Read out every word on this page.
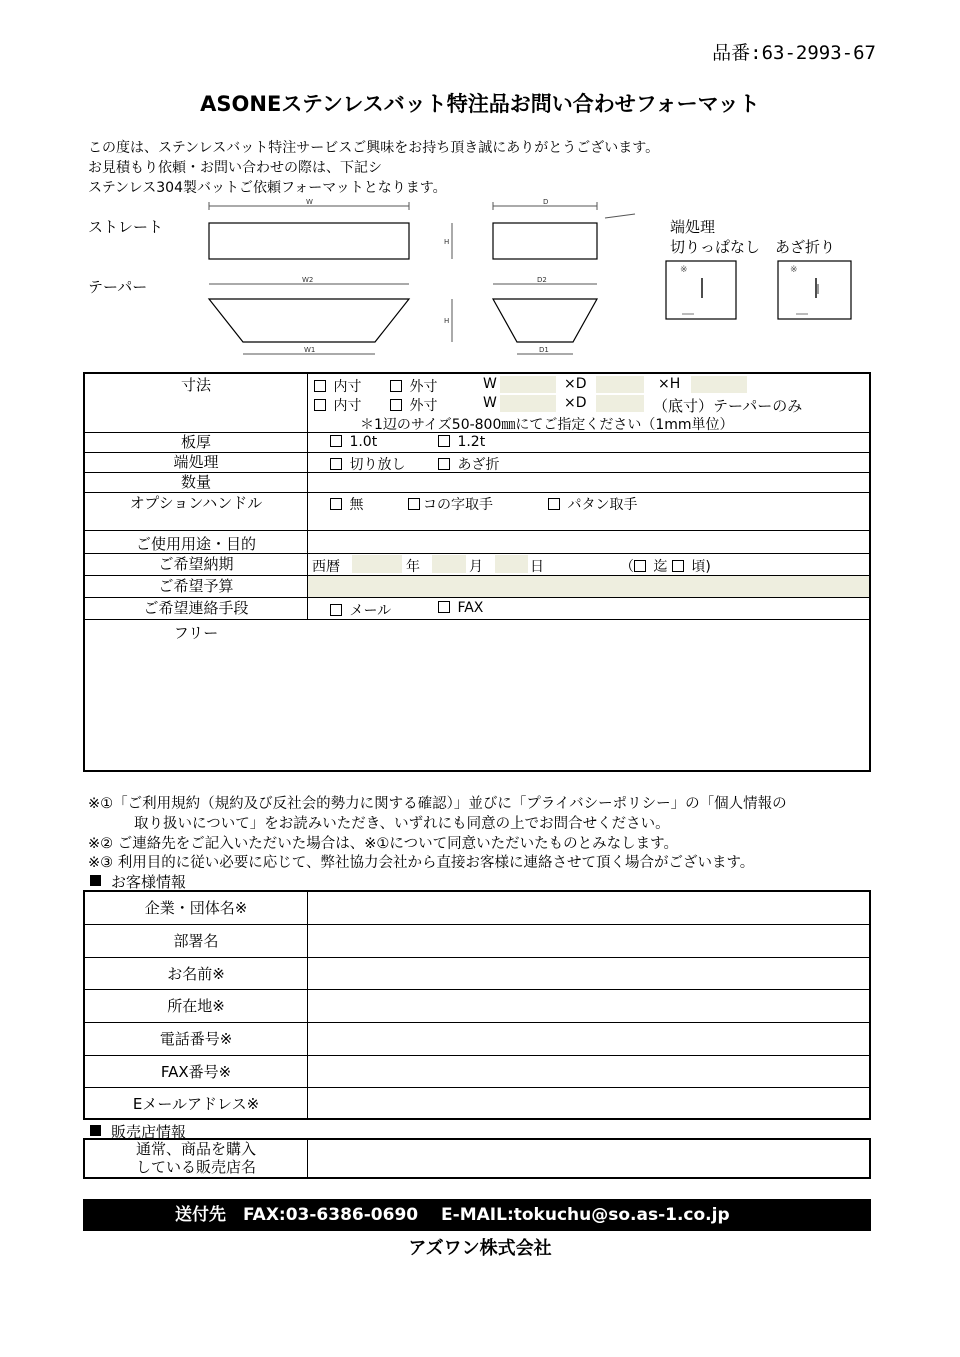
品番:63-2993-67
ASONEステンレスバット特注品お問い合わせフォーマット
この度は、ステンレスバット特注サービスご興味をお持ち頂き誠にありがとうございます。
お見積もり依頼・お問い合わせの際は、下記シ
ステンレス304製バットご依頼フォーマットとなります。
ストレート
テーパー
W	D
H
W2	D2
H
W1	D1
端処理
切りっぱなし　あざ折り
※	※
寸法	内寸	外寸	W	×D	×H
内寸	外寸	W	×D	（底寸）テーパーのみ
＊1辺のサイズ50-800㎜にてご指定ください（1mm単位）
板厚	1.0t	1.2t
端処理	切り放し	あざ折
数量
オプションハンドル	無	コの字取手	パタン取手
ご使用用途・目的
ご希望納期	西暦	年	月	日	（ 迄 頃)
ご希望予算
ご希望連絡手段	メール	FAX
フリー
※①「ご利用規約（規約及び反社会的勢力に関する確認）」並びに「プライバシーポリシー」の「個人情報の
取り扱いについて」をお読みいただき、いずれにも同意の上でお問合せください。
※② ご連絡先をご記入いただいた場合は、※①について同意いただいたものとみなします。
※③ 利用目的に従い必要に応じて、弊社協力会社から直接お客様に連絡させて頂く場合がございます。
お客様情報
企業・団体名※
部署名
お名前※
所在地※
電話番号※
FAX番号※
Eメールアドレス※
販売店情報
通常、商品を購入
している販売店名
送付先　FAX:03-6386-0690　 E-MAIL:tokuchu@so.as-1.co.jp
アズワン株式会社
